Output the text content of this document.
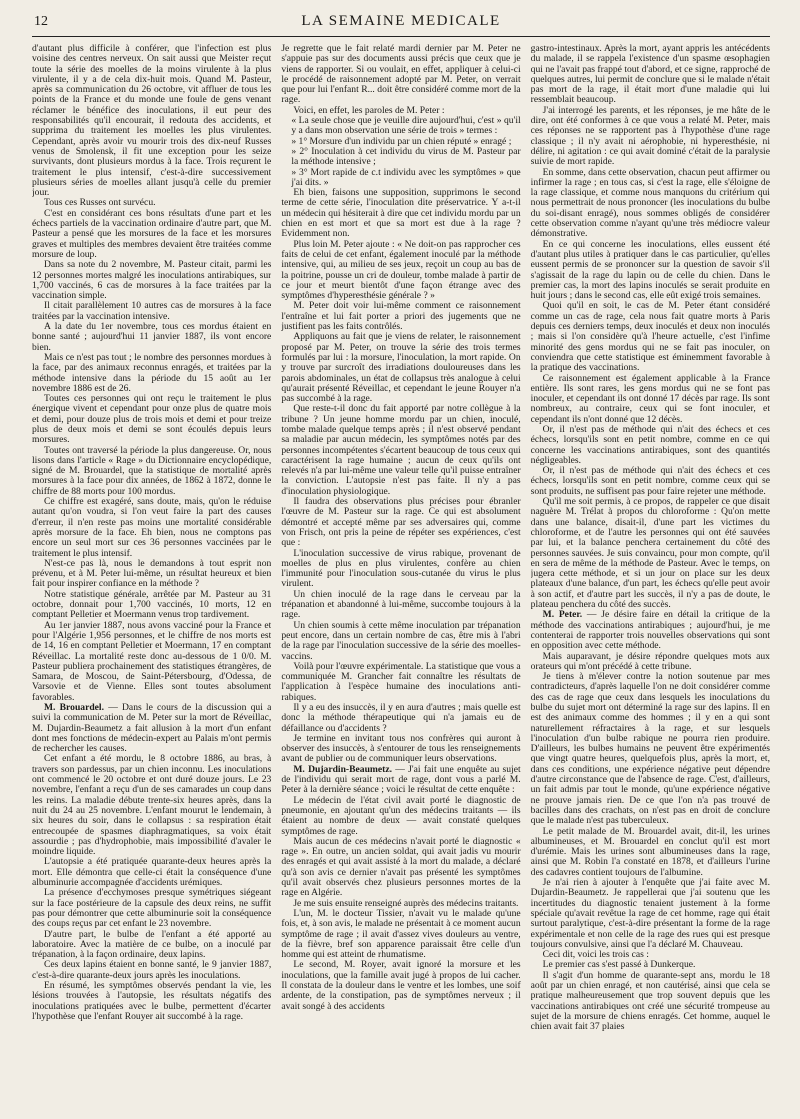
12	LA SEMAINE MEDICALE

d'autant plus difficile à conférer, que l'infection est plus voisine des centres nerveux. On sait aussi que Meister reçut toute la série des moelles de la moins virulente à la plus virulente, il y a de cela dix-huit mois. Quand M. Pasteur, après sa communication du 26 octobre, vit affluer de tous les points de la France et du monde une foule de gens venant réclamer le bénéfice des inoculations, il eut peur des responsabilités qu'il encourait, il redouta des accidents, et supprima du traitement les moelles les plus virulentes. Cependant, après avoir vu mourir trois des dix-neuf Russes venus de Smolensk, il fit une exception pour les seize survivants, dont plusieurs mordus à la face. Trois reçurent le traitement le plus intensif, c'est-à-dire successivement plusieurs séries de moelles allant jusqu'à celle du premier jour.

Tous ces Russes ont survécu.

C'est en considérant ces bons résultats d'une part et les échecs partiels de la vaccination ordinaire d'autre part, que M. Pasteur a pensé que les morsures de la face et les morsures graves et multiples des membres devaient être traitées comme morsure de loup.

Dans sa note du 2 novembre, M. Pasteur citait, parmi les 12 personnes mortes malgré les inoculations antirabiques, sur 1,700 vaccinés, 6 cas de morsures à la face traitées par la vaccination simple.

Il citait parallèlement 10 autres cas de morsures à la face traitées par la vaccination intensive.

A la date du 1er novembre, tous ces mordus étaient en bonne santé ; aujourd'hui 11 janvier 1887, ils vont encore bien.

Mais ce n'est pas tout ; le nombre des personnes mordues à la face, par des animaux reconnus enragés, et traitées par la méthode intensive dans la période du 15 août au 1er novembre 1886 est de 26.

Toutes ces personnes qui ont reçu le traitement le plus énergique vivent et cependant pour onze plus de quatre mois et demi, pour douze plus de trois mois et demi et pour treize plus de deux mois et demi se sont écoulés depuis leurs morsures.

Toutes ont traversé la période la plus dangereuse. Or, nous lisons dans l'article « Rage » du Dictionnaire encyclopédique, signé de M. Brouardel, que la statistique de mortalité après morsures à la face pour dix années, de 1862 à 1872, donne le chiffre de 88 morts pour 100 mordus.

Ce chiffre est exagéré, sans doute, mais, qu'on le réduise autant qu'on voudra, si l'on veut faire la part des causes d'erreur, il n'en reste pas moins une mortalité considérable après morsure de la face. Eh bien, nous ne comptons pas encore un seul mort sur ces 36 personnes vaccinées par le traitement le plus intensif.

N'est-ce pas là, nous le demandons à tout esprit non prévenu, et à M. Peter lui-même, un résultat heureux et bien fait pour inspirer confiance en la méthode ?

Notre statistique générale, arrêtée par M. Pasteur au 31 octobre, donnait pour 1,700 vaccinés, 10 morts, 12 en comptant Pelletier et Moermann venus trop tardivement.

Au 1er janvier 1887, nous avons vacciné pour la France et pour l'Algérie 1,956 personnes, et le chiffre de nos morts est de 14, 16 en comptant Pelletier et Moermann, 17 en comptant Réveillac. La mortalité reste donc au-dessous de 1 0/0. M. Pasteur publiera prochainement des statistiques étrangères, de Samara, de Moscou, de Saint-Pétersbourg, d'Odessa, de Varsovie et de Vienne. Elles sont toutes absolument favorables.

M. Brouardel. — Dans le cours de la discussion qui a suivi la communication de M. Peter sur la mort de Réveillac, M. Dujardin-Beaumetz a fait allusion à la mort d'un enfant dont mes fonctions de médecin-expert au Palais m'ont permis de rechercher les causes.

Cet enfant a été mordu, le 8 octobre 1886, au bras, à travers son pardessus, par un chien inconnu. Les inoculations ont commencé le 20 octobre et ont duré douze jours. Le 23 novembre, l'enfant a reçu d'un de ses camarades un coup dans les reins. La maladie débute trente-six heures après, dans la nuit du 24 au 25 novembre. L'enfant mourut le lendemain, à six heures du soir, dans le collapsus : sa respiration était entrecoupée de spasmes diaphragmatiques, sa voix était assourdie ; pas d'hydrophobie, mais impossibilité d'avaler le moindre liquide.

L'autopsie a été pratiquée quarante-deux heures après la mort. Elle démontra que celle-ci était la conséquence d'une albuminurie accompagnée d'accidents urémiques.

La présence d'ecchymoses presque symétriques siégeant sur la face postérieure de la capsule des deux reins, ne suffit pas pour démontrer que cette albuminurie soit la conséquence des coups reçus par cet enfant le 23 novembre.

D'autre part, le bulbe de l'enfant a été apporté au laboratoire. Avec la matière de ce bulbe, on a inoculé par trépanation, à la façon ordinaire, deux lapins.

Ces deux lapins étaient en bonne santé, le 9 janvier 1887, c'est-à-dire quarante-deux jours après les inoculations.

En résumé, les symptômes observés pendant la vie, les lésions trouvées à l'autopsie, les résultats négatifs des inoculations pratiquées avec le bulbe, permettent d'écarter l'hypothèse que l'enfant Rouyer ait succombé à la rage.

Je regrette que le fait relaté mardi dernier par M. Peter ne s'appuie pas sur des documents aussi précis que ceux que je viens de rapporter. Si ou voulait, en effet, appliquer à celui-ci le procédé de raisonnement adopté par M. Peter, on verrait que pour lui l'enfant R... doit être considéré comme mort de la rage.

Voici, en effet, les paroles de M. Peter :

« La seule chose que je veuille dire aujourd'hui, c'est » qu'il y a dans mon observation une série de trois » termes :

» 1° Morsure d'un individu par un chien réputé » enragé ;

» 2° Inoculation à cet individu du virus de M. Pasteur par la méthode intensive ;

» 3° Mort rapide de c.t individu avec les symptômes » que j'ai dits. »

Eh bien, faisons une supposition, supprimons le second terme de cette série, l'inoculation dite préservatrice. Y a-t-il un médecin qui hésiterait à dire que cet individu mordu par un chien en est mort et que sa mort est due à la rage ? Evidemment non.

Plus loin M. Peter ajoute : « Ne doit-on pas rapprocher ces faits de celui de cet enfant, également inoculé par la méthode intensive, qui, au milieu de ses jeux, reçoit un coup au bas de la poitrine, pousse un cri de douleur, tombe malade à partir de ce jour et meurt bientôt d'une façon étrange avec des symptômes d'hyperesthésie générale ? »

M. Peter doit voir lui-même comment ce raisonnement l'entraîne et lui fait porter a priori des jugements que ne justifient pas les faits contrôlés.

Appliquons au fait que je viens de relater, le raisonnement proposé par M. Peter, on trouve la série des trois termes formulés par lui : la morsure, l'inoculation, la mort rapide. On y trouve par surcroît des irradiations douloureuses dans les parois abdominales, un état de collapsus très analogue à celui qu'aurait présenté Réveillac, et cependant le jeune Rouyer n'a pas succombé à la rage.

Que reste-t-il donc du fait apporté par notre collègue à la tribune ? Un jeune homme mordu par un chien, inoculé, tombe malade quelque temps après ; il n'est observé pendant sa maladie par aucun médecin, les symptômes notés par des personnes incompétentes s'écartent beaucoup de tous ceux qui caractérisent la rage humaine ; aucun de ceux qu'ils ont relevés n'a par lui-même une valeur telle qu'il puisse entraîner la conviction. L'autopsie n'est pas faite. Il n'y a pas d'inoculation physiologique.

Il faudra des observations plus précises pour ébranler l'œuvre de M. Pasteur sur la rage. Ce qui est absolument démontré et accepté même par ses adversaires qui, comme von Frisch, ont pris la peine de répéter ses expériences, c'est que :

L'inoculation successive de virus rabique, provenant de moelles de plus en plus virulentes, confère au chien l'immunité pour l'inoculation sous-cutanée du virus le plus virulent.

Un chien inoculé de la rage dans le cerveau par la trépanation et abandonné à lui-même, succombe toujours à la rage.

Un chien soumis à cette même inoculation par trépanation peut encore, dans un certain nombre de cas, être mis à l'abri de la rage par l'inoculation successive de la série des moelles-vaccins.

Voilà pour l'œuvre expérimentale. La statistique que vous a communiquée M. Grancher fait connaître les résultats de l'application à l'espèce humaine des inoculations anti-rabiques.

Il y a eu des insuccès, il y en aura d'autres ; mais quelle est donc la méthode thérapeutique qui n'a jamais eu de défaillance ou d'accidents ?

Je termine en invitant tous nos confrères qui auront à observer des insuccès, à s'entourer de tous les renseignements avant de publier ou de communiquer leurs observations.

M. Dujardin-Beaumetz. — J'ai fait une enquête au sujet de l'individu qui serait mort de rage, dont vous a parlé M. Peter à la dernière séance ; voici le résultat de cette enquête :

Le médecin de l'état civil avait porté le diagnostic de pneumonie, en ajoutant qu'un des médecins traitants — ils étaient au nombre de deux — avait constaté quelques symptômes de rage.

Mais aucun de ces médecins n'avait porté le diagnostic « rage ». En outre, un ancien soldat, qui avait jadis vu mourir des enragés et qui avait assisté à la mort du malade, a déclaré qu'à son avis ce dernier n'avait pas présenté les symptômes qu'il avait observés chez plusieurs personnes mortes de la rage en Algérie.

Je me suis ensuite renseigné auprès des médecins traitants.

L'un, M. le docteur Tissier, n'avait vu le malade qu'une fois, et, à son avis, le malade ne présentait à ce moment aucun symptôme de rage ; il avait d'assez vives douleurs au ventre, de la fièvre, bref son apparence paraissait être celle d'un homme qui est atteint de rhumatisme.

Le second, M. Royer, avait ignoré la morsure et les inoculations, que la famille avait jugé à propos de lui cacher. Il constata de la douleur dans le ventre et les lombes, une soif ardente, de la constipation, pas de symptômes nerveux ; il avait songé à des accidents

gastro-intestinaux. Après la mort, ayant appris les antécédents du malade, il se rappela l'existence d'un spasme œsophagien qui ne l'avait pas frappé tout d'abord, et ce signe, rapproché de quelques autres, lui permit de conclure que si le malade n'était pas mort de la rage, il était mort d'une maladie qui lui ressemblait beaucoup.

J'ai interrogé les parents, et les réponses, je me hâte de le dire, ont été conformes à ce que vous a relaté M. Peter, mais ces réponses ne se rapportent pas à l'hypothèse d'une rage classique ; il n'y avait ni aérophobie, ni hyperesthésie, ni délire, ni agitation : ce qui avait dominé c'était de la paralysie suivie de mort rapide.

En somme, dans cette observation, chacun peut affirmer ou infirmer la rage ; en tous cas, si c'est la rage, elle s'éloigne de la rage classique, et comme nous manquons du critérium qui nous permettrait de nous prononcer (les inoculations du bulbe du soi-disant enragé), nous sommes obligés de considérer cette observation comme n'ayant qu'une très médiocre valeur démonstrative.

En ce qui concerne les inoculations, elles eussent été d'autant plus utiles à pratiquer dans le cas particulier, qu'elles eussent permis de se prononcer sur la question de savoir s'il s'agissait de la rage du lapin ou de celle du chien. Dans le premier cas, la mort des lapins inoculés se serait produite en huit jours ; dans le second cas, elle eût exigé trois semaines.

Quoi qu'il en soit, le cas de M. Peter étant considéré comme un cas de rage, cela nous fait quatre morts à Paris depuis ces derniers temps, deux inoculés et deux non inoculés ; mais si l'on considère qu'à l'heure actuelle, c'est l'infime minorité des gens mordus qui ne se fait pas inoculer, on conviendra que cette statistique est éminemment favorable à la pratique des vaccinations.

Ce raisonnement est également applicable à la France entière. Ils sont rares, les gens mordus qui ne se font pas inoculer, et cependant ils ont donné 17 décès par rage. Ils sont nombreux, au contraire, ceux qui se font inoculer, et cependant ils n'ont donné que 12 décès.

Or, il n'est pas de méthode qui n'ait des échecs et ces échecs, lorsqu'ils sont en petit nombre, comme en ce qui concerne les vaccinations antirabiques, sont des quantités négligeables.

Or, il n'est pas de méthode qui n'ait des échecs et ces échecs, lorsqu'ils sont en petit nombre, comme ceux qui se sont produits, ne suffisent pas pour faire rejeter une méthode.

Qu'il me soit permis, à ce propos, de rappeler ce que disait naguère M. Trélat à propos du chloroforme : Qu'on mette dans une balance, disait-il, d'une part les victimes du chloroforme, et de l'autre les personnes qui ont été sauvées par lui, et la balance penchera certainement du côté des personnes sauvées. Je suis convaincu, pour mon compte, qu'il en sera de même de la méthode de Pasteur. Avec le temps, on jugera cette méthode, et si un jour on place sur les deux plateaux d'une balance, d'un part, les échecs qu'elle peut avoir à son actif, et d'autre part les succès, il n'y a pas de doute, le plateau penchera du côté des succès.

M. Peter. — Je désire faire en détail la critique de la méthode des vaccinations antirabiques ; aujourd'hui, je me contenterai de rapporter trois nouvelles observations qui sont en opposition avec cette méthode.

Mais auparavant, je désire répondre quelques mots aux orateurs qui m'ont précédé à cette tribune.

Je tiens à m'élever contre la notion soutenue par mes contradicteurs, d'après laquelle l'on ne doit considérer comme des cas de rage que ceux dans lesquels les inoculations du bulbe du sujet mort ont déterminé la rage sur des lapins. Il en est des animaux comme des hommes ; il y en a qui sont naturellement réfractaires à la rage, et sur lesquels l'inoculation d'un bulbe rabique ne pourra rien produire. D'ailleurs, les bulbes humains ne peuvent être expérimentés que vingt quatre heures, quelquefois plus, après la mort, et, dans ces conditions, une expérience négative peut dépendre d'autre circonstance que de l'absence de rage. C'est, d'ailleurs, un fait admis par tout le monde, qu'une expérience négative ne prouve jamais rien. De ce que l'on n'a pas trouvé de bacilles dans des crachats, on n'est pas en droit de conclure que le malade n'est pas tuberculeux.

Le petit malade de M. Brouardel avait, dit-il, les urines albumineuses, et M. Brouardel en conclut qu'il est mort d'urémie. Mais les urines sont albumineuses dans la rage, ainsi que M. Robin l'a constaté en 1878, et d'ailleurs l'urine des cadavres contient toujours de l'albumine.

Je n'ai rien à ajouter à l'enquête que j'ai faite avec M. Dujardin-Beaumetz. Je rappellerai que j'ai soutenu que les incertitudes du diagnostic tenaient justement à la forme spéciale qu'avait revêtue la rage de cet homme, rage qui était surtout paralytique, c'est-à-dire présentant la forme de la rage expérimentale et non celle de la rage des rues qui est presque toujours convulsive, ainsi que l'a déclaré M. Chauveau.

Ceci dit, voici les trois cas :

Le premier cas s'est passé à Dunkerque.

Il s'agit d'un homme de quarante-sept ans, mordu le 18 août par un chien enragé, et non cautérisé, ainsi que cela se pratique malheureusement que trop souvent depuis que les vaccinations antirabiques ont créé une sécurité trompeuse au sujet de la morsure de chiens enragés. Cet homme, auquel le chien avait fait 37 plaies
